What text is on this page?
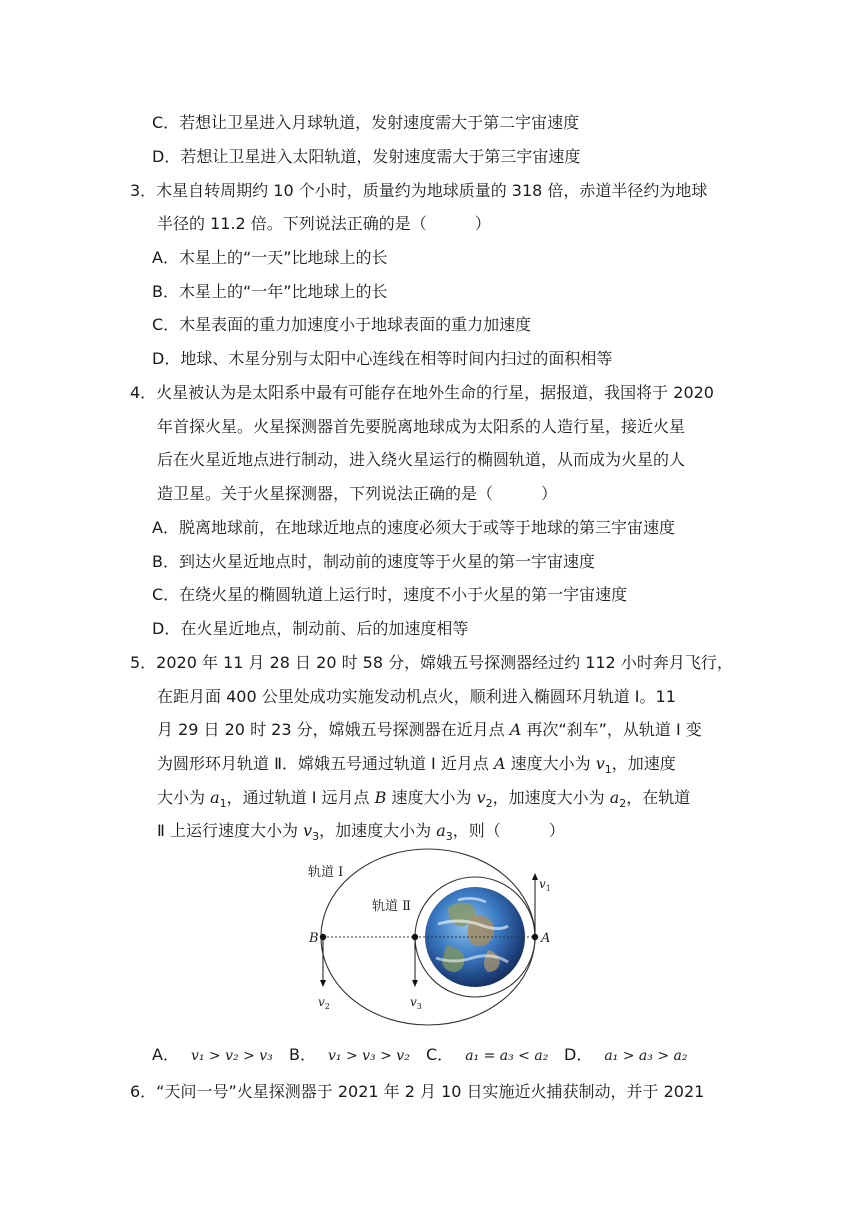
C．若想让卫星进入月球轨道，发射速度需大于第二宇宙速度
D．若想让卫星进入太阳轨道，发射速度需大于第三宇宙速度
3．木星自转周期约 10 个小时，质量约为地球质量的 318 倍，赤道半径约为地球
半径的 11.2 倍。下列说法正确的是（　　　）
A．木星上的“一天”比地球上的长
B．木星上的“一年”比地球上的长
C．木星表面的重力加速度小于地球表面的重力加速度
D．地球、木星分别与太阳中心连线在相等时间内扫过的面积相等
4．火星被认为是太阳系中最有可能存在地外生命的行星，据报道，我国将于 2020
年首探火星。火星探测器首先要脱离地球成为太阳系的人造行星，接近火星
后在火星近地点进行制动，进入绕火星运行的椭圆轨道，从而成为火星的人
造卫星。关于火星探测器，下列说法正确的是（　　　）
A．脱离地球前，在地球近地点的速度必须大于或等于地球的第三宇宙速度
B．到达火星近地点时，制动前的速度等于火星的第一宇宙速度
C．在绕火星的椭圆轨道上运行时，速度不小于火星的第一宇宙速度
D．在火星近地点，制动前、后的加速度相等
5．2020 年 11 月 28 日 20 时 58 分，嫦娥五号探测器经过约 112 小时奔月飞行，
在距月面 400 公里处成功实施发动机点火，顺利进入椭圆环月轨道 Ⅰ。11
月 29 日 20 时 23 分，嫦娥五号探测器在近月点 A 再次“刹车”，从轨道 Ⅰ 变
为圆形环月轨道 Ⅱ．嫦娥五号通过轨道 Ⅰ 近月点 A 速度大小为 $v_1$，加速度
大小为 $a_1$，通过轨道 Ⅰ 远月点 B 速度大小为 $v_2$，加速度大小为 $a_2$，在轨道
Ⅱ 上运行速度大小为 $v_3$，加速度大小为 $a_3$，则（　　　）
轨道 Ⅰ
轨道 Ⅱ
B	A
$v_1$
$v_2$	$v_3$
A． v₁ > v₂ > v₃ B． v₁ > v₃ > v₂ C． a₁ = a₃ < a₂ D． a₁ > a₃ > a₂
6．“天问一号”火星探测器于 2021 年 2 月 10 日实施近火捕获制动，并于 2021
